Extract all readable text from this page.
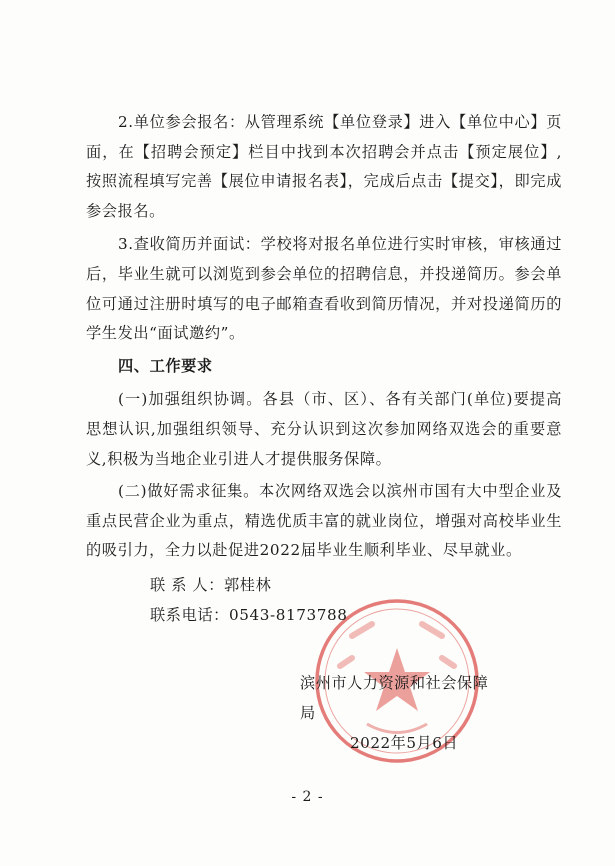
2.单位参会报名：从管理系统【单位登录】进入【单位中心】页面，在【招聘会预定】栏目中找到本次招聘会并点击【预定展位】,按照流程填写完善【展位申请报名表】，完成后点击【提交】，即完成参会报名。

3.查收简历并面试：学校将对报名单位进行实时审核，审核通过后，毕业生就可以浏览到参会单位的招聘信息，并投递简历。参会单位可通过注册时填写的电子邮箱查看收到简历情况，并对投递简历的学生发出“面试邀约”。

四、工作要求

(一)加强组织协调。各县（市、区）、各有关部门(单位)要提高思想认识,加强组织领导、充分认识到这次参加网络双选会的重要意义,积极为当地企业引进人才提供服务保障。

(二)做好需求征集。本次网络双选会以滨州市国有大中型企业及重点民营企业为重点，精选优质丰富的就业岗位，增强对高校毕业生的吸引力，全力以赴促进2022届毕业生顺利毕业、尽早就业。

联 系 人：郭桂林

联系电话：0543-8173788

滨州市人力资源和社会保障局
2022年5月6日
- 2 -
